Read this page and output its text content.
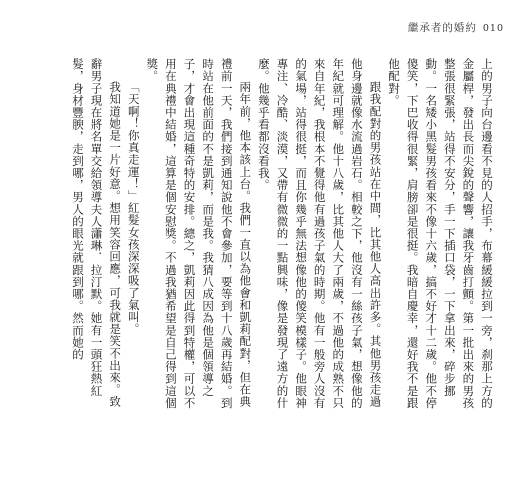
繼承者的婚約 010

上的男子向台邊看不見的人招手，布幕緩緩拉到一旁，刹那上方的金屬桿，發出長而尖銳的聲響，讓我牙齒打顫。第一批出來的男孩整張很緊張，站得不安分，手一下插口袋，一下拿出來，碎步挪動。一名矮小黑髮男孩看來不像十六歲，搞不好才十二歲。他不停傻笑，下巴收得很緊，肩膀卻是很挺。我暗自慶幸，還好我不是跟他配對。

跟我配對的男孩站在中間，比其他人高出許多。其他男孩走過他身邊就像水流過岩石。相較之下，他沒有一絲孩子氣，想像他的年紀就可理解。他十八歲，比其他人大了兩歲，不過他的成熟不只來自年紀，我根本不覺得他有過孩子氣的時期。他有一般旁人沒有的氣場，站得很挺，而且你幾乎無法想像他的傻笑模樣子。他眼神專注、冷酷、淡漠，又帶有微微的一點興味，像是發現了遠方的什麼。他幾乎看都沒看我。

兩年前，他本該上台。我們一直以為他會和凱莉配對，但在典禮前一天，我們接到通知說他不會參加，要等到十八歲再結婚。到時站在他前面的不是凱莉，而是我。我猜八成因為他是個領導之子，才會出現這種奇特的安排。總之，凱莉因此得到特權，可以不用在典禮中結婚，這算是個安慰獎。不過我猶希望是自己得到這個獎。

「天啊！你真走運！」紅髮女孩深深吸了氣叫。

我知道她是一片好意。想用笑容回應，可我就是笑不出來。致辭男子現在將名單交給領導夫人瀟琳．拉汀默。她有一頭狂熱紅髮，身材豐腴，走到哪，男人的眼光就跟到哪。然而她的
